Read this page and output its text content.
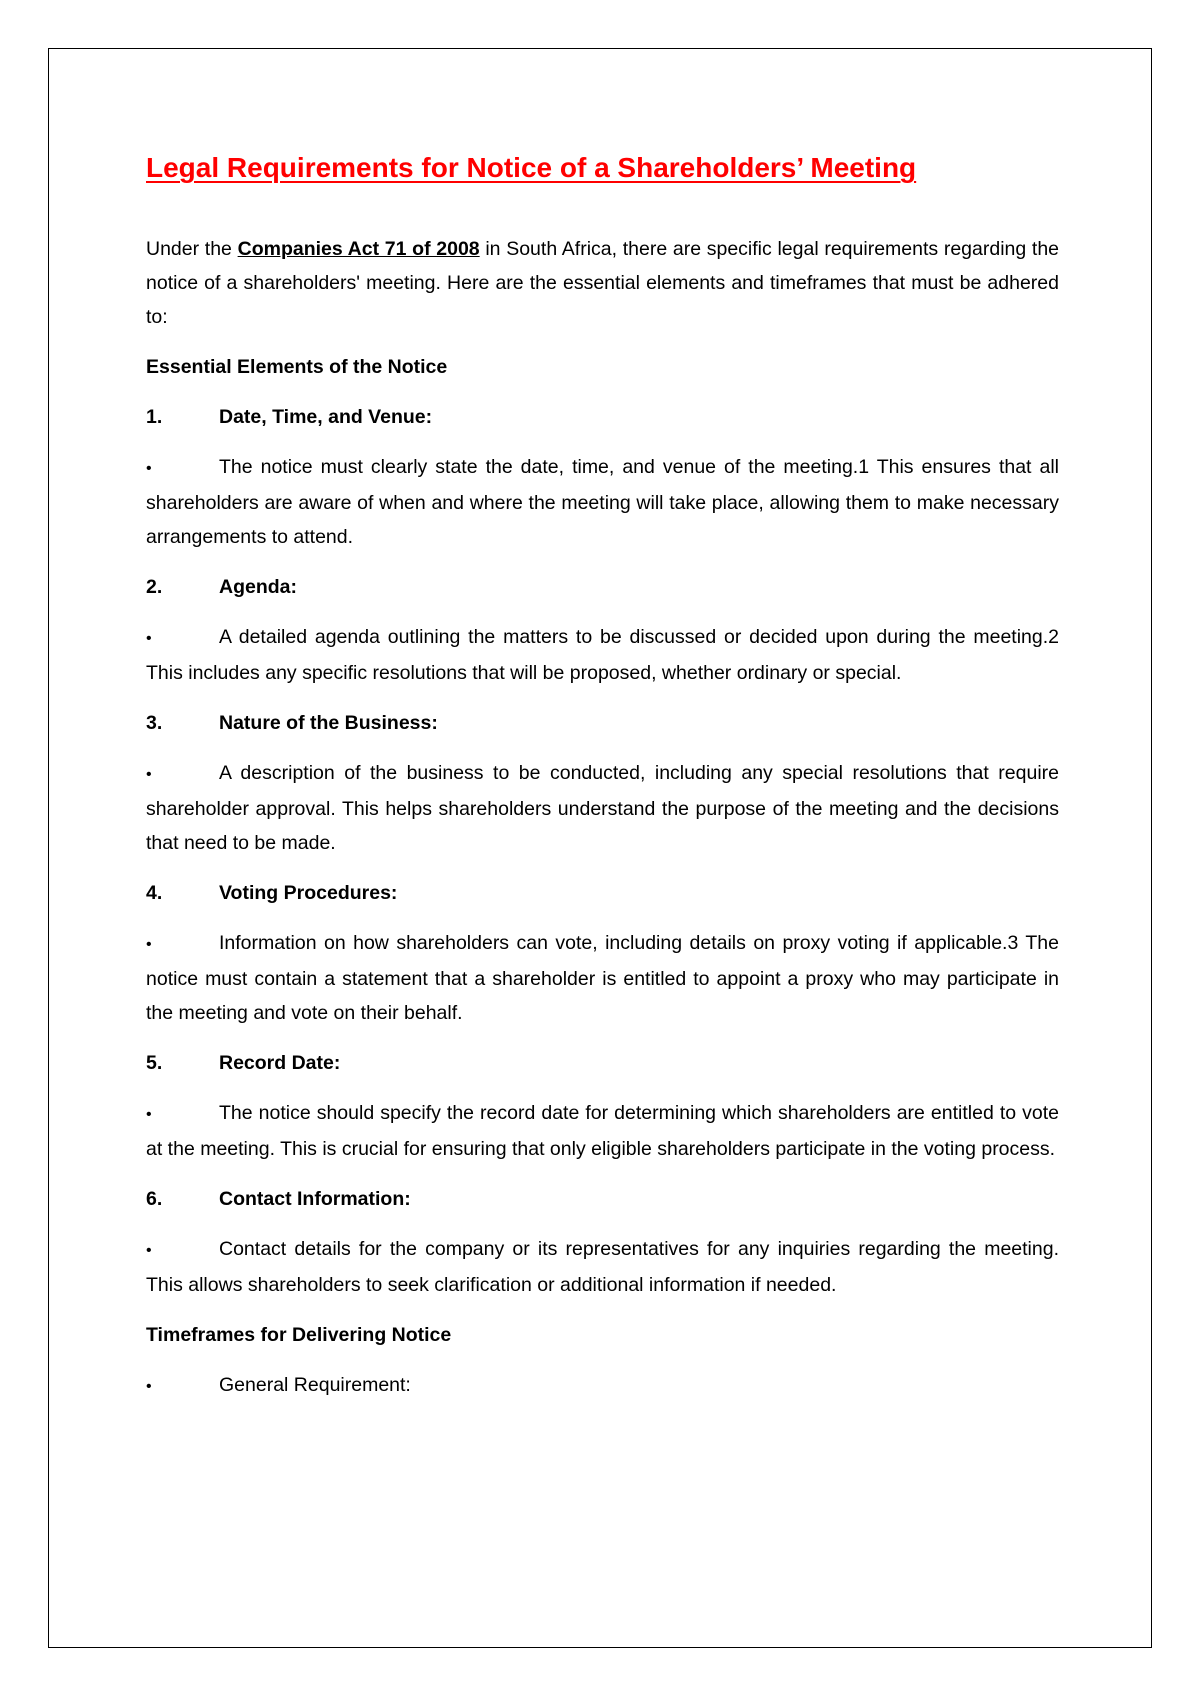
Legal Requirements for Notice of a Shareholders’ Meeting

Under the Companies Act 71 of 2008 in South Africa, there are specific legal requirements regarding the notice of a shareholders' meeting. Here are the essential elements and timeframes that must be adhered to:

Essential Elements of the Notice

1.	Date, Time, and Venue:

•	The notice must clearly state the date, time, and venue of the meeting.1 This ensures that all shareholders are aware of when and where the meeting will take place, allowing them to make necessary arrangements to attend.

2.	Agenda:

•	A detailed agenda outlining the matters to be discussed or decided upon during the meeting.2 This includes any specific resolutions that will be proposed, whether ordinary or special.

3.	Nature of the Business:

•	A description of the business to be conducted, including any special resolutions that require shareholder approval. This helps shareholders understand the purpose of the meeting and the decisions that need to be made.

4.	Voting Procedures:

•	Information on how shareholders can vote, including details on proxy voting if applicable.3 The notice must contain a statement that a shareholder is entitled to appoint a proxy who may participate in the meeting and vote on their behalf.

5.	Record Date:

•	The notice should specify the record date for determining which shareholders are entitled to vote at the meeting. This is crucial for ensuring that only eligible shareholders participate in the voting process.

6.	Contact Information:

•	Contact details for the company or its representatives for any inquiries regarding the meeting. This allows shareholders to seek clarification or additional information if needed.

Timeframes for Delivering Notice

•	General Requirement:
